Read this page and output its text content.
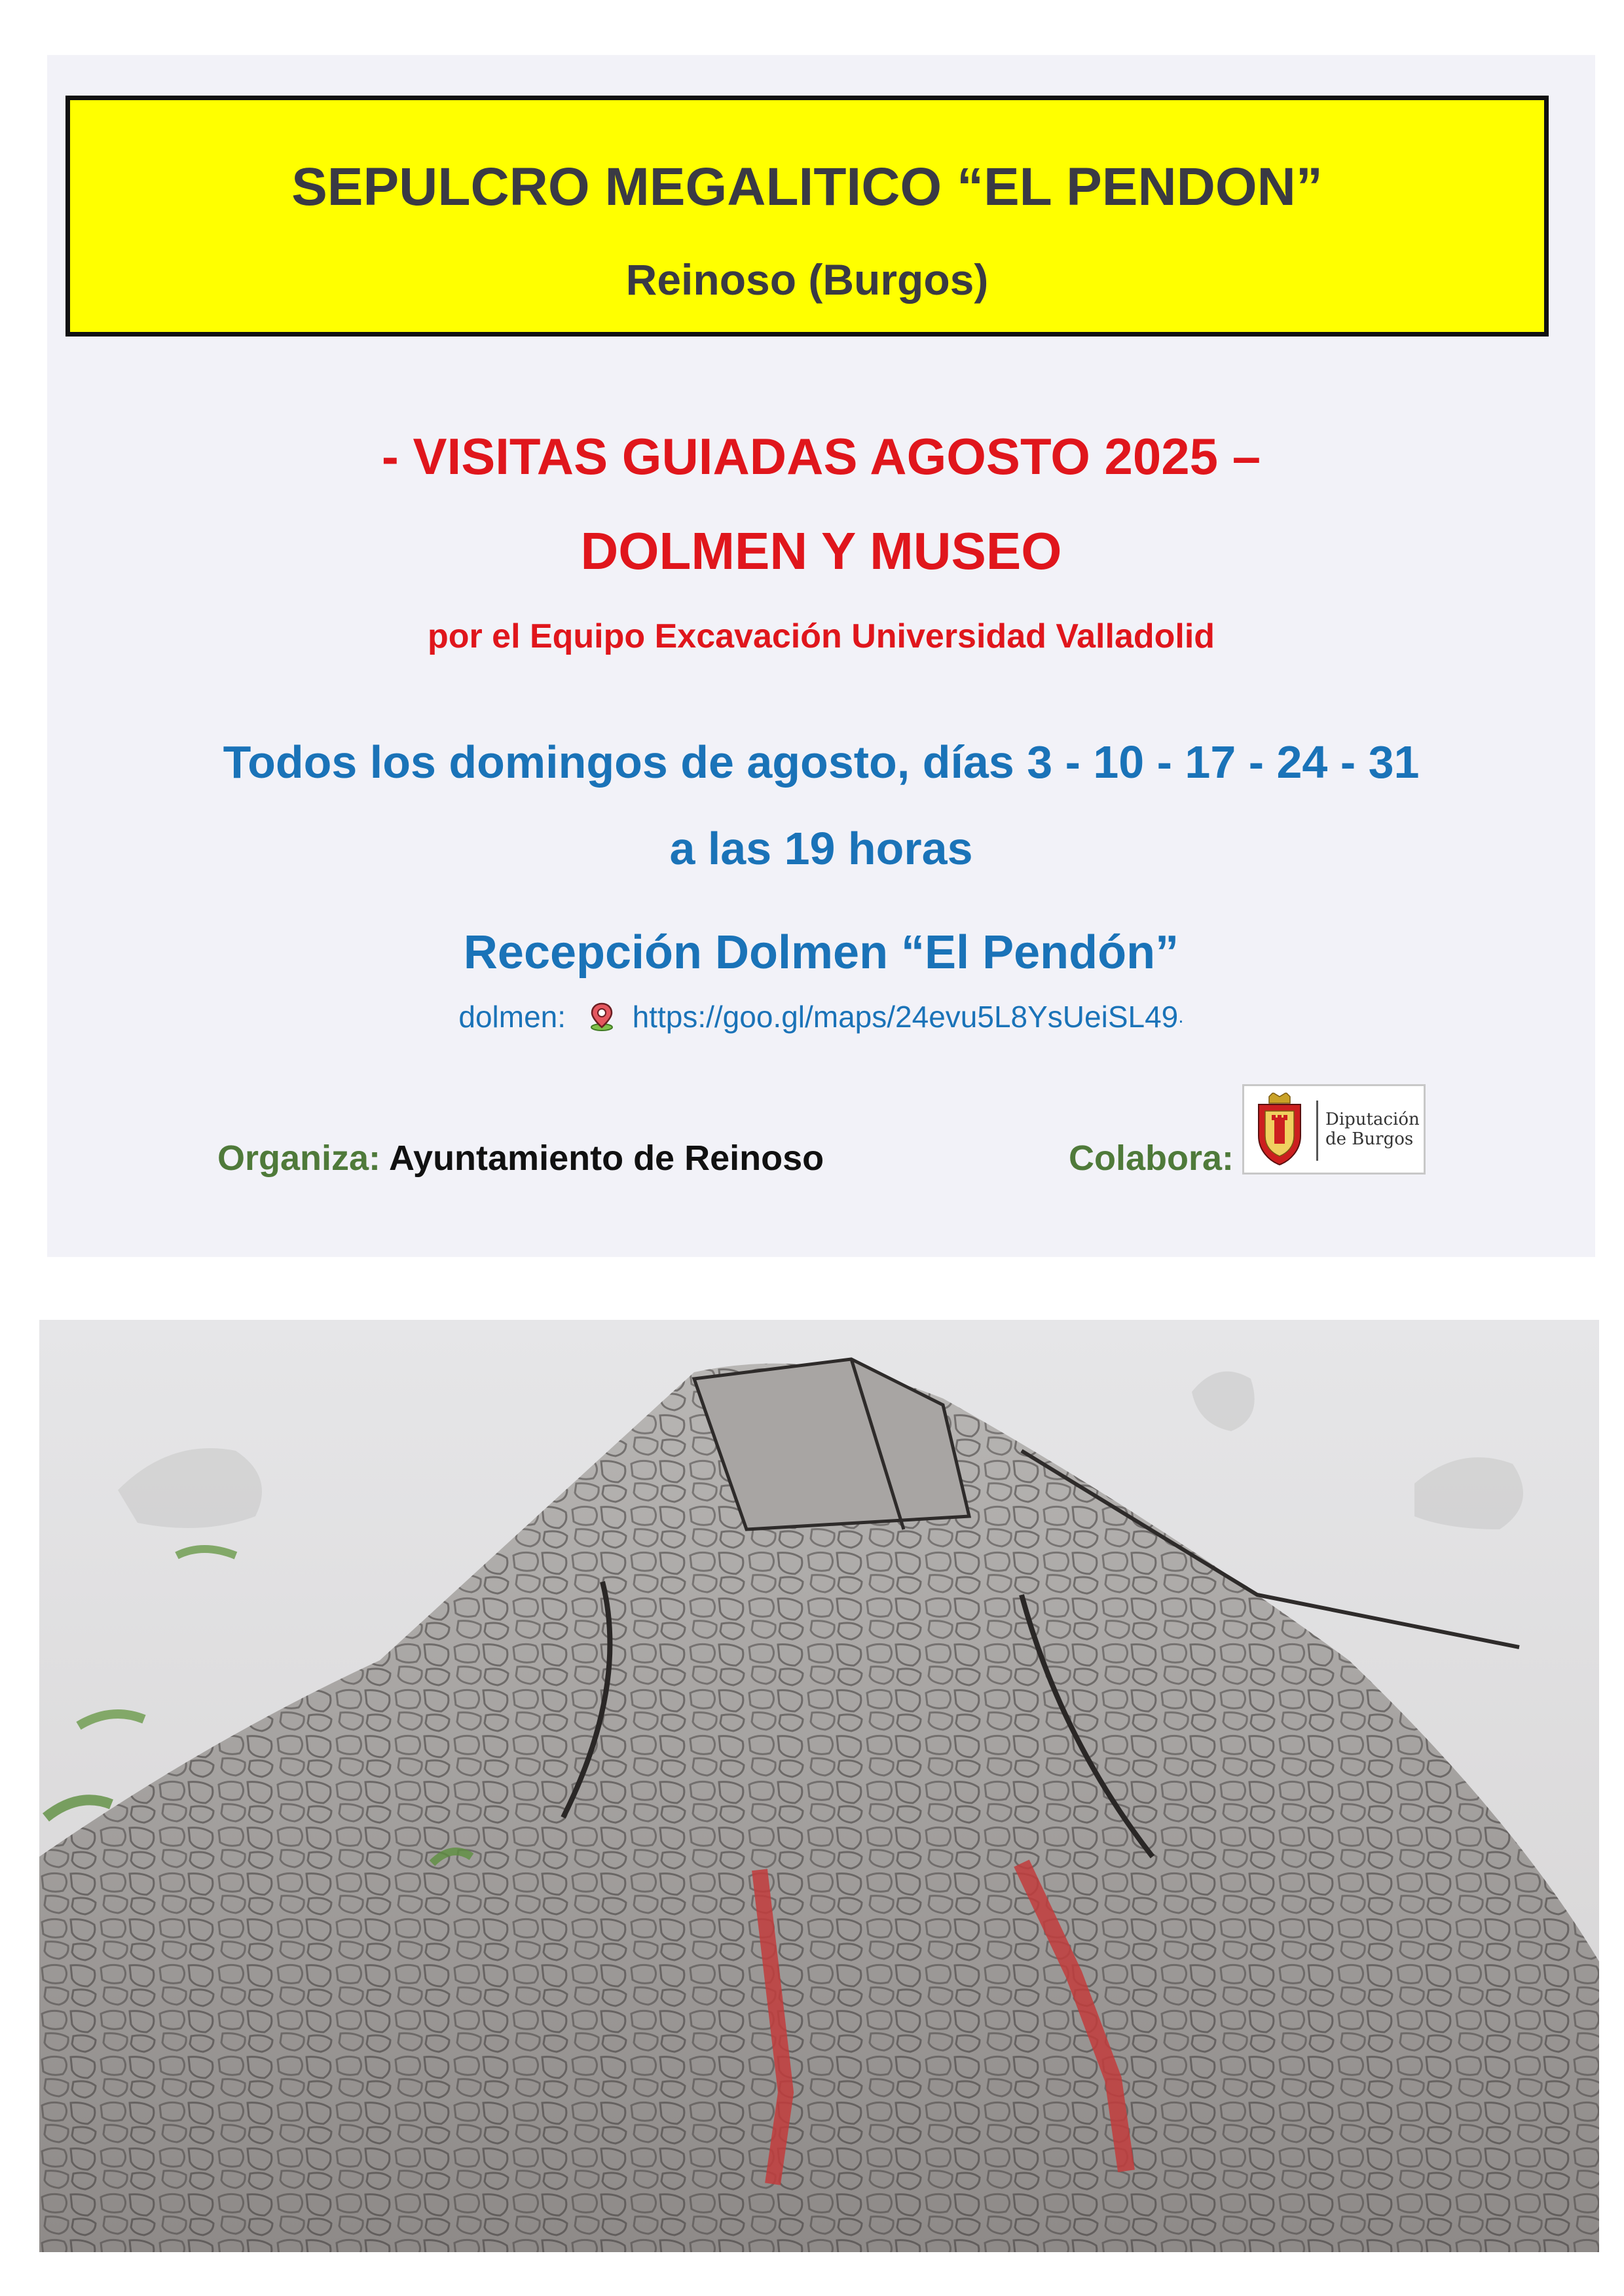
SEPULCRO MEGALITICO “EL PENDON”
Reinoso (Burgos)
- VISITAS GUIADAS AGOSTO 2025 –
DOLMEN Y MUSEO
por el Equipo Excavación Universidad Valladolid
Todos los domingos de agosto, días 3 - 10 - 17 - 24 - 31
a las 19 horas
Recepción Dolmen “El Pendón”
dolmen: https://goo.gl/maps/24evu5L8YsUeiSL49.
Organiza: Ayuntamiento de Reinoso	Colabora:
Diputación
de Burgos
